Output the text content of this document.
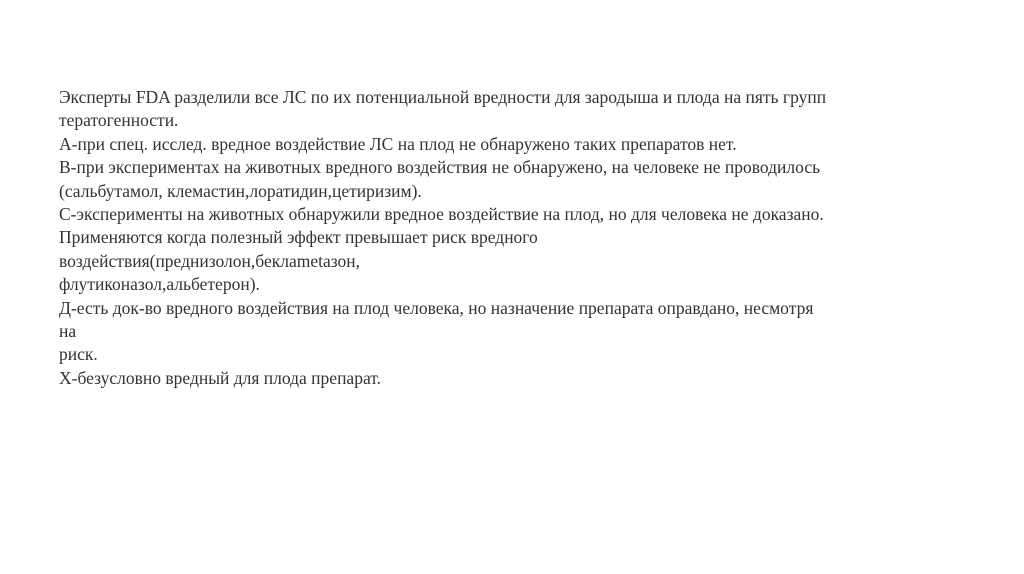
Эксперты FDA разделили все ЛС по их потенциальной вредности для зародыша и плода на пять групп
тератогенности.
А-при спец. исслед. вредное воздействие ЛС на плод не обнаружено таких препаратов нет.
В-при экспериментах на животных вредного воздействия не обнаружено, на человеке не проводилось
(сальбутамол, клемастин,лоратидин,цетиризим).
С-эксперименты на животных обнаружили вредное воздействие на плод, но для человека не доказано.
Применяются когда полезный эффект превышает риск вредного
воздействия(преднизолон,беклametазон,
флутиконазол,альбетерон).
Д-есть док-во вредного воздействия на плод человека, но назначение препарата оправдано, несмотря
на
риск.
Х-безусловно вредный для плода препарат.
